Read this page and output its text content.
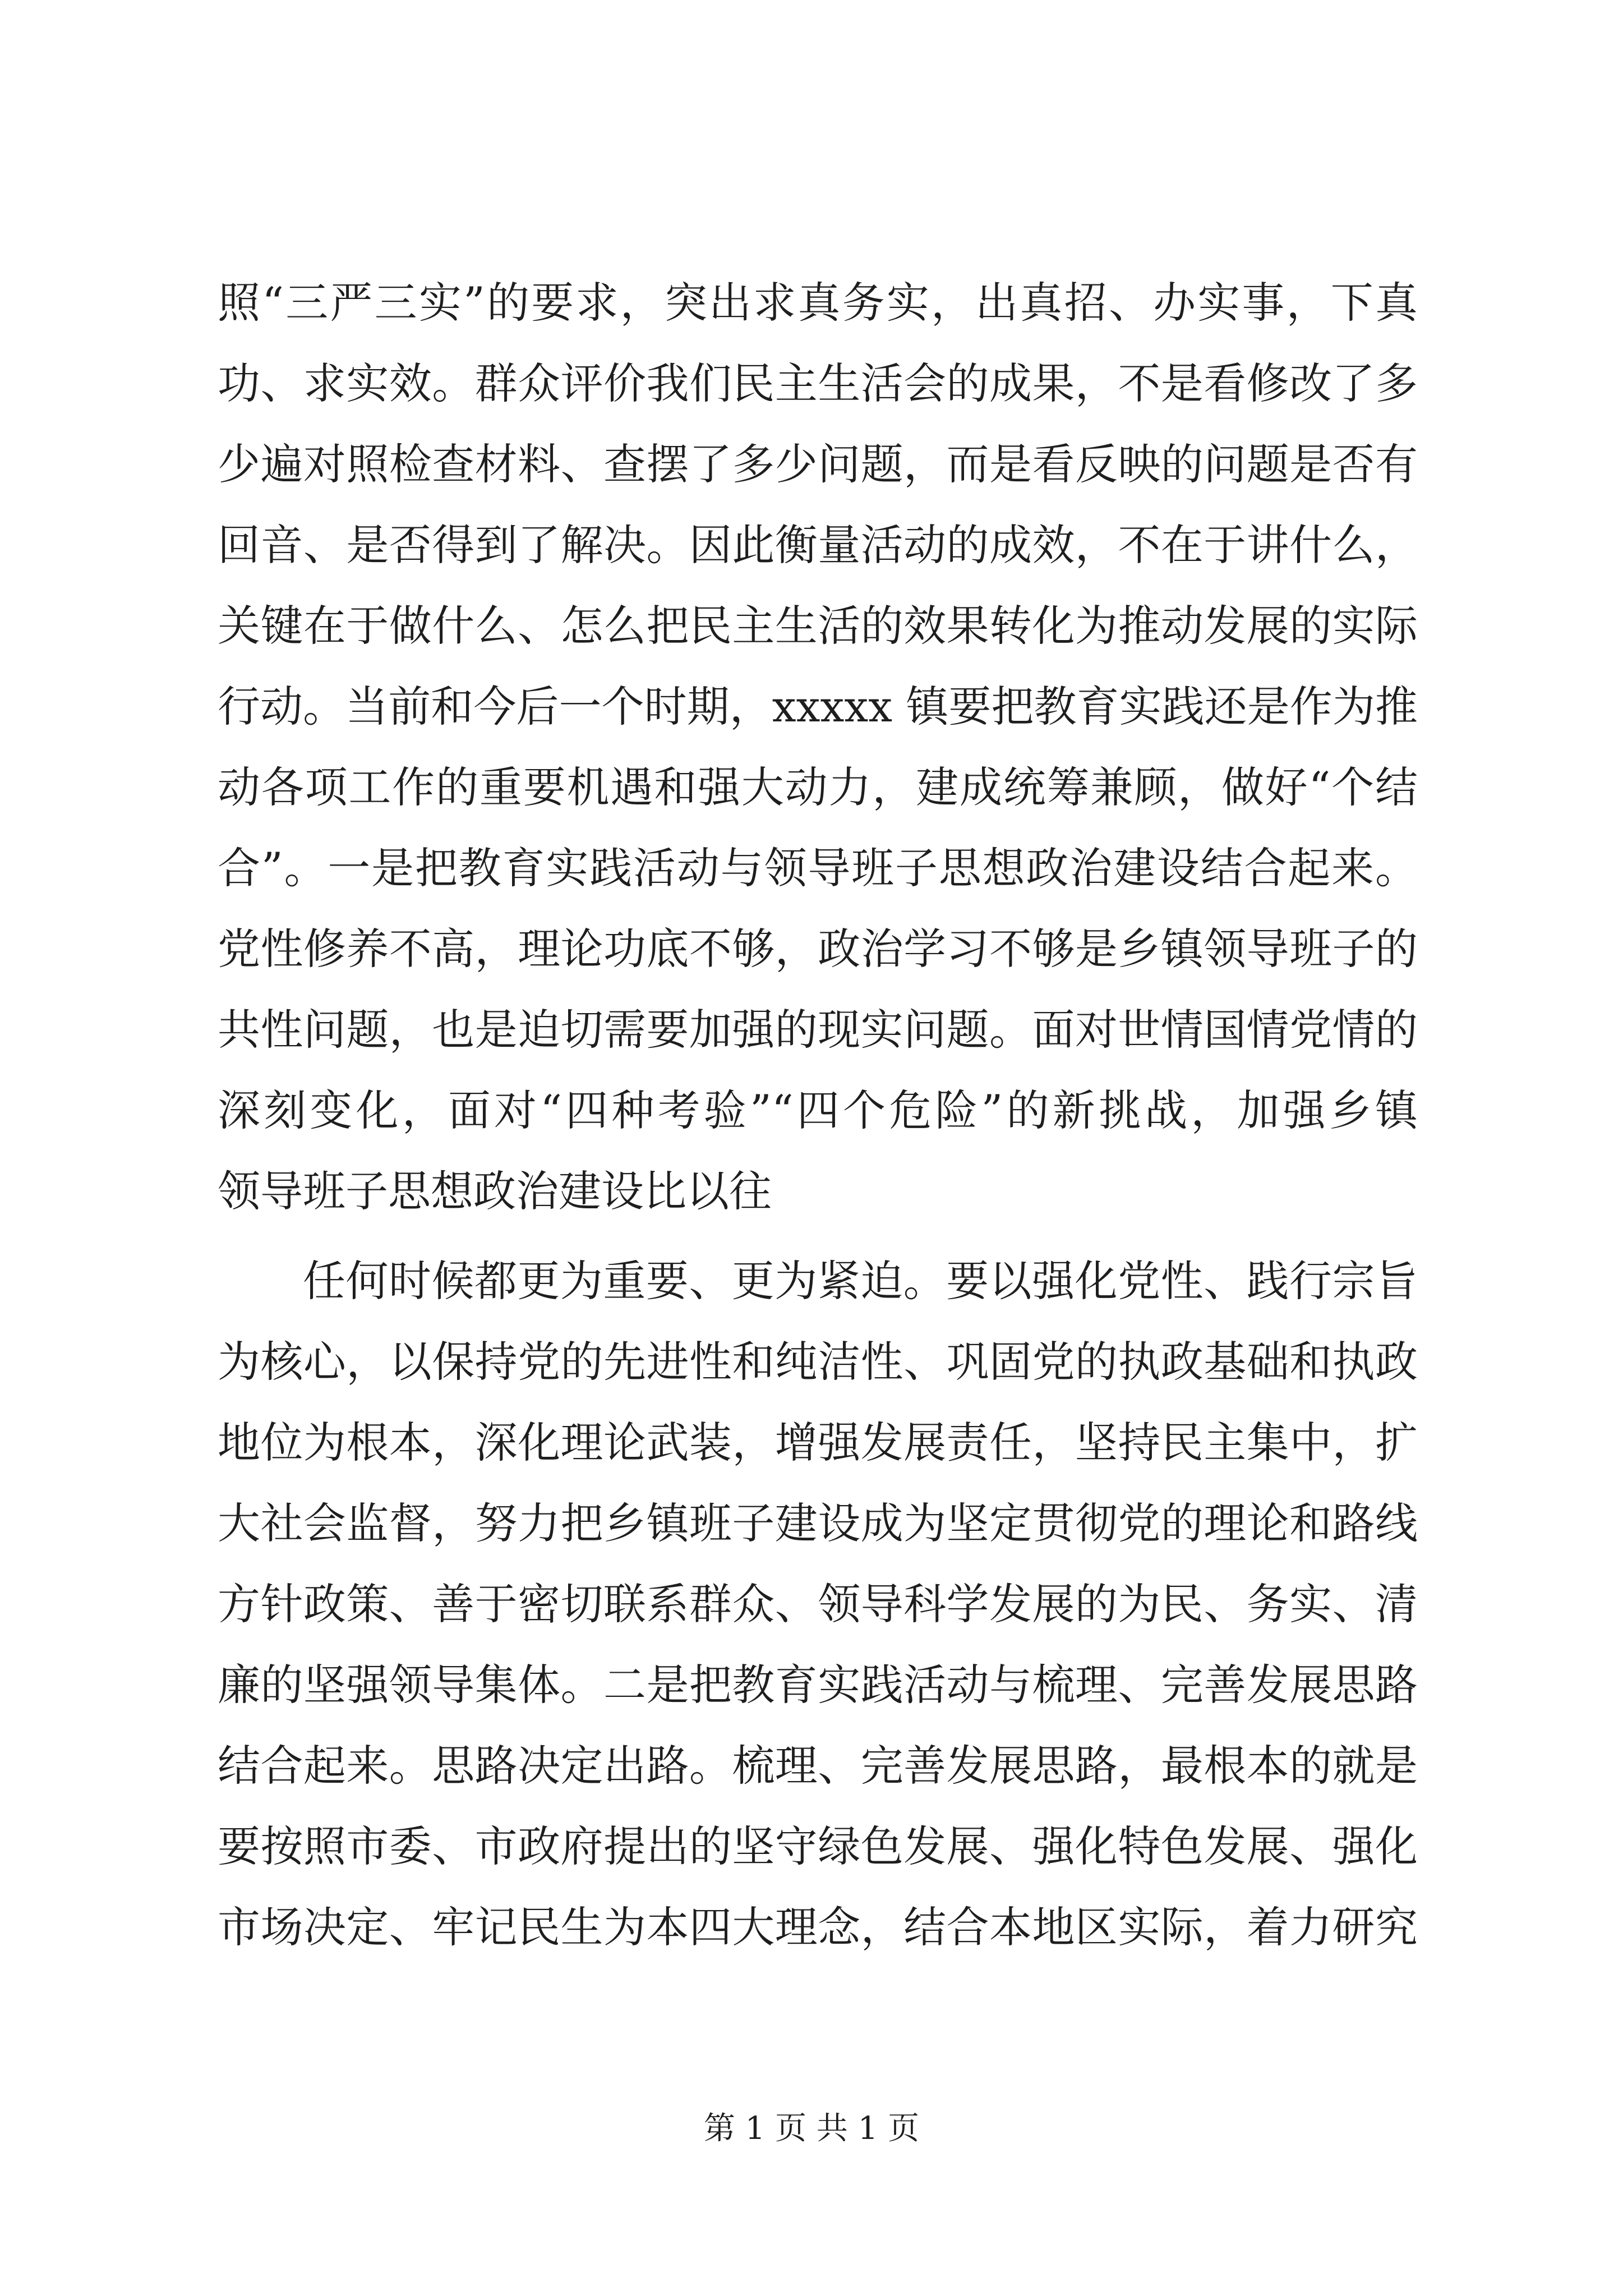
照“三严三实”的要求，突出求真务实，出真招、办实事，下真
功、求实效。群众评价我们民主生活会的成果，不是看修改了多
少遍对照检查材料、查摆了多少问题，而是看反映的问题是否有
回音、是否得到了解决。因此衡量活动的成效，不在于讲什么，
关键在于做什么、怎么把民主生活的效果转化为推动发展的实际
行动。当前和今后一个时期，xxxxx 镇要把教育实践还是作为推
动各项工作的重要机遇和强大动力，建成统筹兼顾，做好“个结
合”。一是把教育实践活动与领导班子思想政治建设结合起来。
党性修养不高，理论功底不够，政治学习不够是乡镇领导班子的
共性问题，也是迫切需要加强的现实问题。面对世情国情党情的
深刻变化，面对“四种考验”“四个危险”的新挑战，加强乡镇
领导班子思想政治建设比以往
任何时候都更为重要、更为紧迫。要以强化党性、践行宗旨
为核心，以保持党的先进性和纯洁性、巩固党的执政基础和执政
地位为根本，深化理论武装，增强发展责任，坚持民主集中，扩
大社会监督，努力把乡镇班子建设成为坚定贯彻党的理论和路线
方针政策、善于密切联系群众、领导科学发展的为民、务实、清
廉的坚强领导集体。二是把教育实践活动与梳理、完善发展思路
结合起来。思路决定出路。梳理、完善发展思路，最根本的就是
要按照市委、市政府提出的坚守绿色发展、强化特色发展、强化
市场决定、牢记民生为本四大理念，结合本地区实际，着力研究
第 1 页 共 1 页
